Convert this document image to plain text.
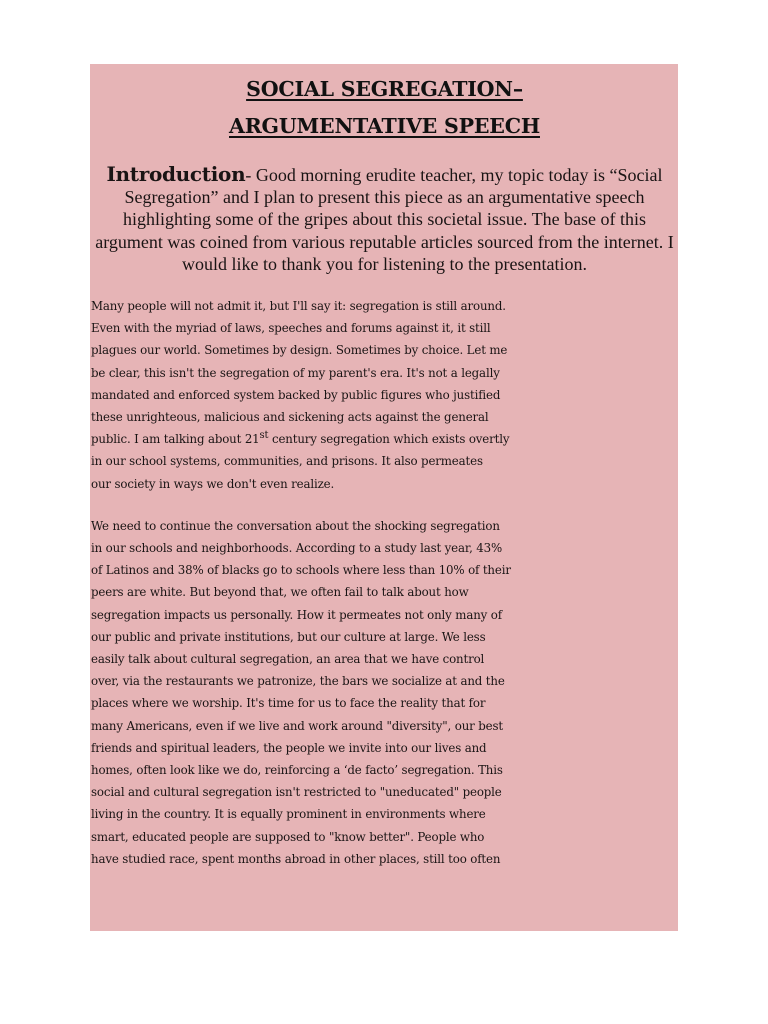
SOCIAL SEGREGATION–
ARGUMENTATIVE SPEECH
Introduction- Good morning erudite teacher, my topic today is “Social Segregation” and I plan to present this piece as an argumentative speech highlighting some of the gripes about this societal issue. The base of this argument was coined from various reputable articles sourced from the internet. I would like to thank you for listening to the presentation.
Many people will not admit it, but I'll say it: segregation is still around.
Even with the myriad of laws, speeches and forums against it, it still
plagues our world. Sometimes by design. Sometimes by choice. Let me
be clear, this isn't the segregation of my parent's era. It's not a legally
mandated and enforced system backed by public figures who justified
these unrighteous, malicious and sickening acts against the general
public. I am talking about 21st century segregation which exists overtly
in our school systems, communities, and prisons. It also permeates
our society in ways we don't even realize.
We need to continue the conversation about the shocking segregation
in our schools and neighborhoods. According to a study last year, 43%
of Latinos and 38% of blacks go to schools where less than 10% of their
peers are white. But beyond that, we often fail to talk about how
segregation impacts us personally. How it permeates not only many of
our public and private institutions, but our culture at large. We less
easily talk about cultural segregation, an area that we have control
over, via the restaurants we patronize, the bars we socialize at and the
places where we worship. It's time for us to face the reality that for
many Americans, even if we live and work around "diversity", our best
friends and spiritual leaders, the people we invite into our lives and
homes, often look like we do, reinforcing a ‘de facto’ segregation. This
social and cultural segregation isn't restricted to "uneducated" people
living in the country. It is equally prominent in environments where
smart, educated people are supposed to "know better". People who
have studied race, spent months abroad in other places, still too often
